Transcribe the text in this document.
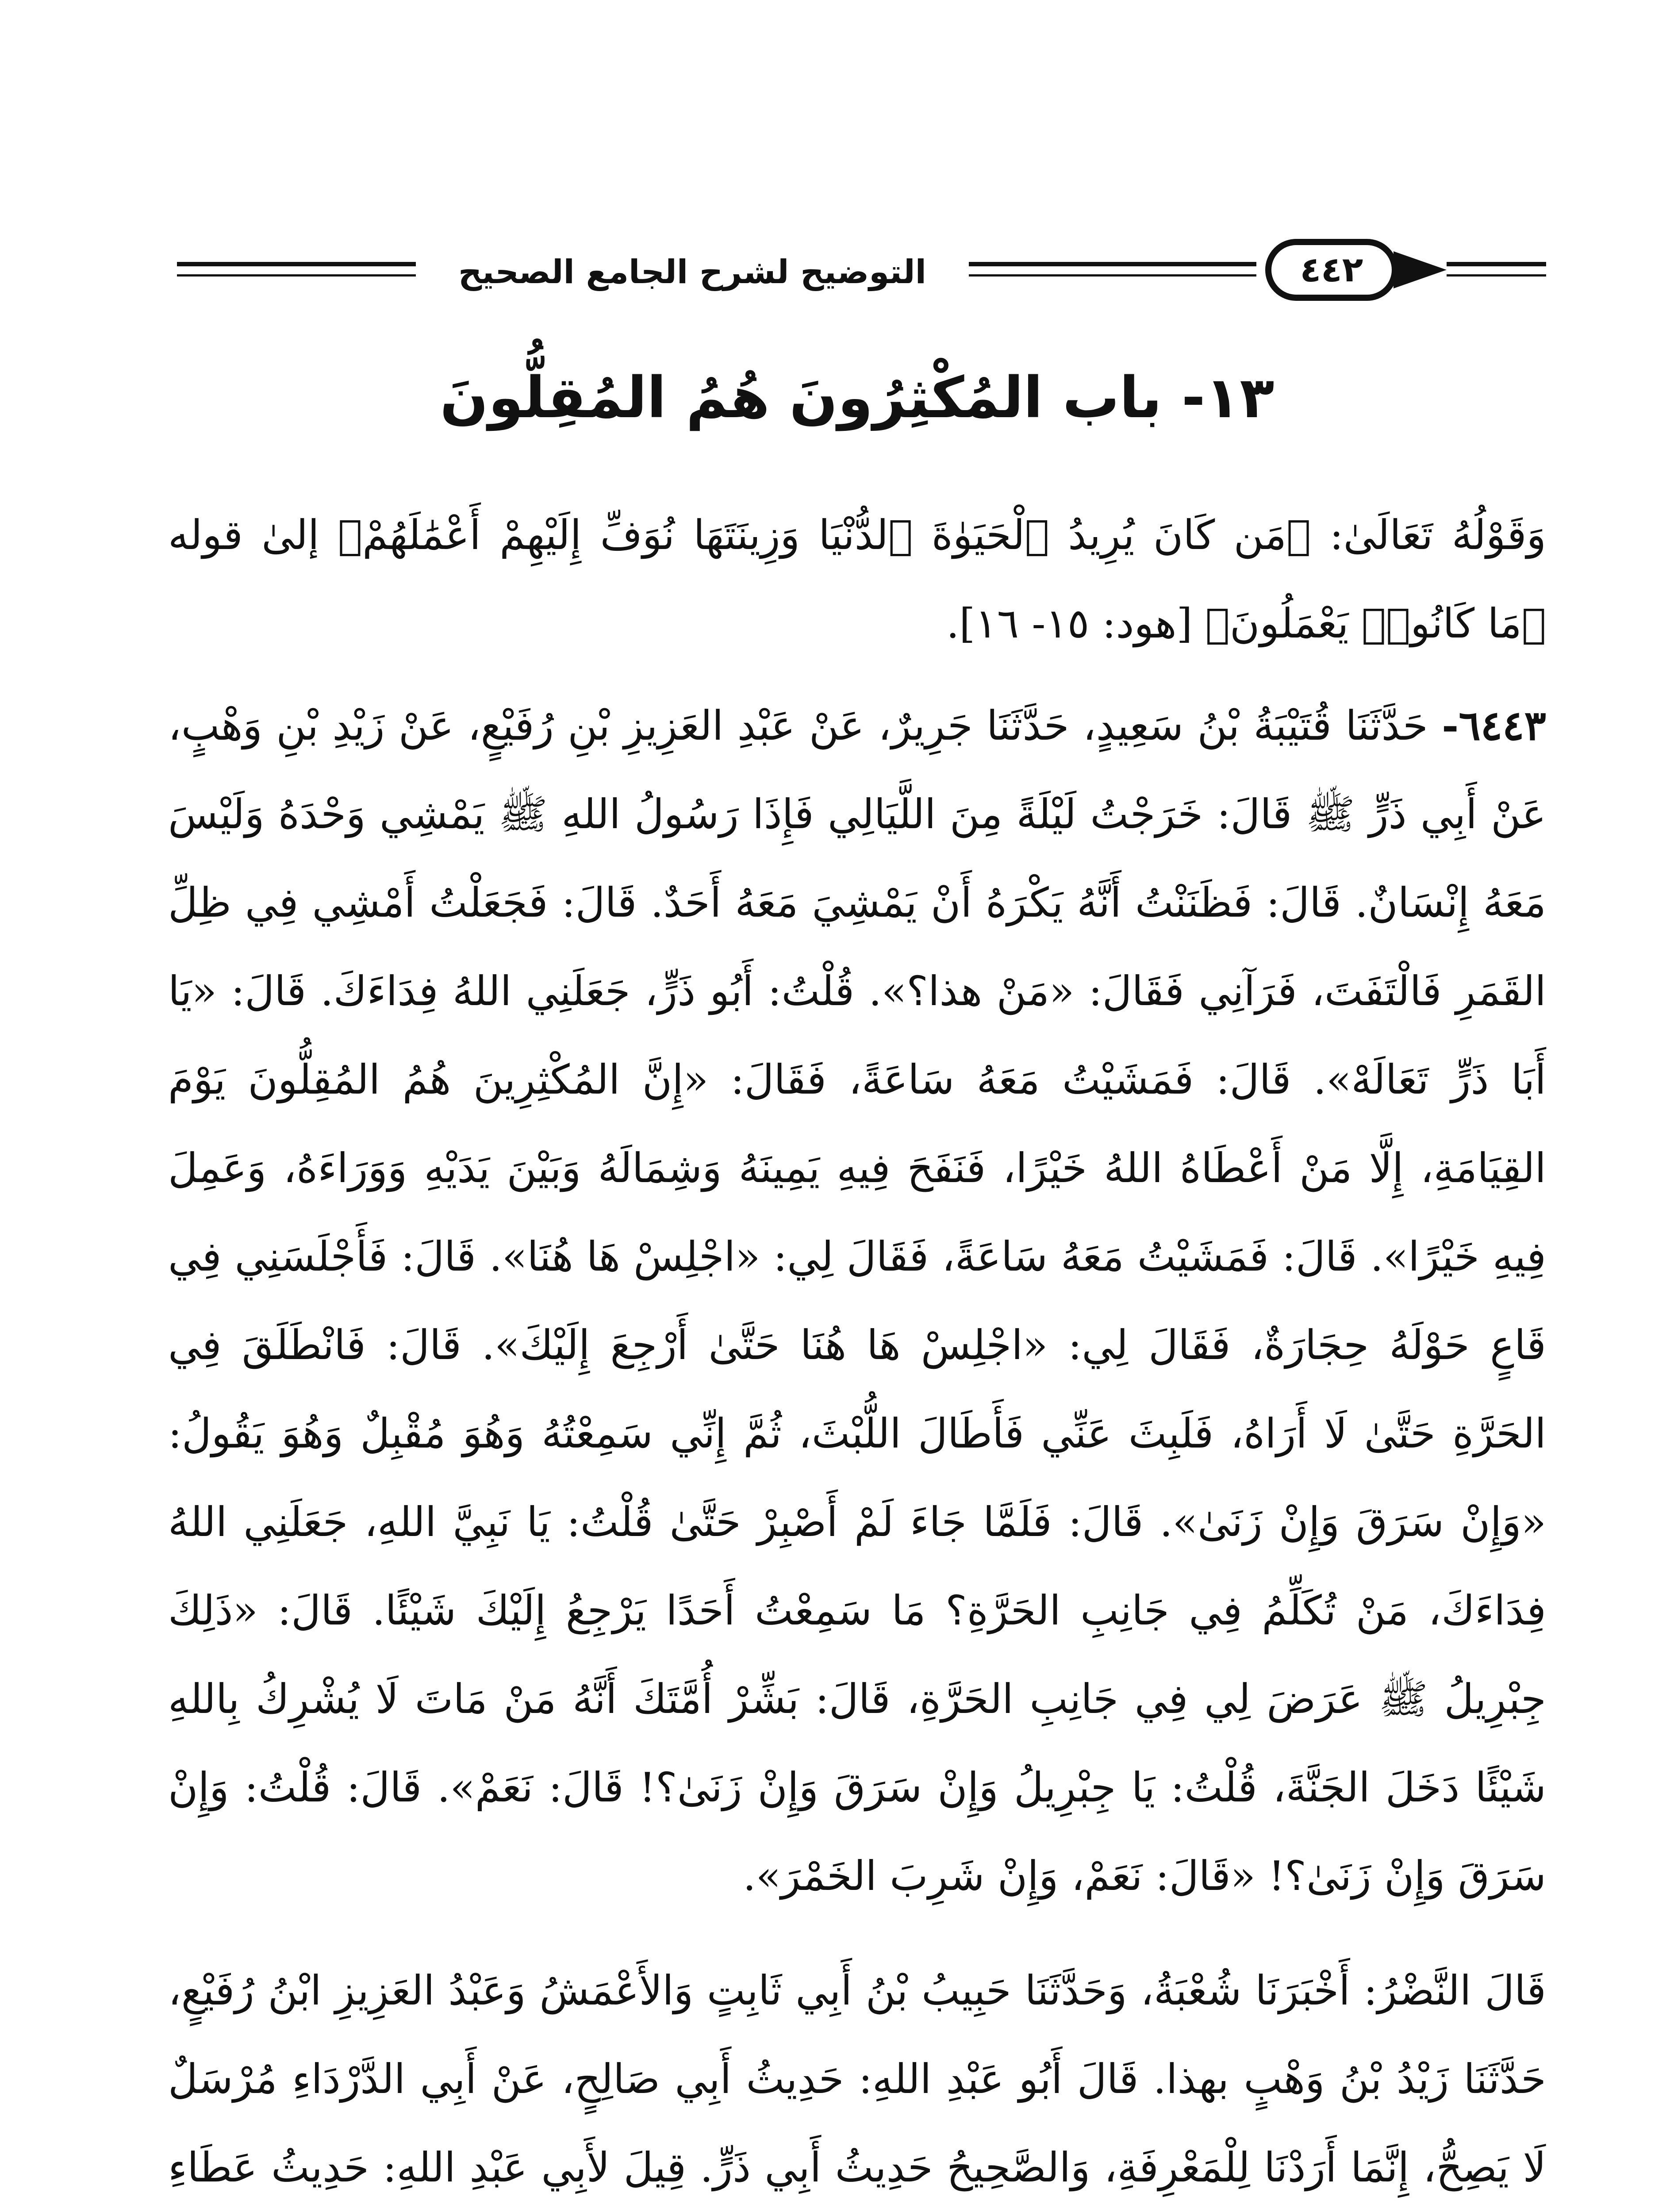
التوضيح لشرح الجامع الصحيح	٤٤٢
١٣- باب المُكْثِرُونَ هُمُ المُقِلُّونَ
وَقَوْلُهُ تَعَالَىٰ: ﴿مَن كَانَ يُرِيدُ ٱلْحَيَوٰةَ ٱلدُّنْيَا وَزِينَتَهَا نُوَفِّ إِلَيْهِمْ أَعْمَٰلَهُمْ﴾ إلىٰ قوله ﴿مَا كَانُوا۟ يَعْمَلُونَ﴾ [هود: ١٥- ١٦].
٦٤٤٣- حَدَّثَنَا قُتَيْبَةُ بْنُ سَعِيدٍ، حَدَّثَنَا جَرِيرٌ، عَنْ عَبْدِ العَزِيزِ بْنِ رُفَيْعٍ، عَنْ زَيْدِ بْنِ وَهْبٍ، عَنْ أَبِي ذَرٍّ ﷺ قَالَ: خَرَجْتُ لَيْلَةً مِنَ اللَّيَالِي فَإِذَا رَسُولُ اللهِ ﷺ يَمْشِي وَحْدَهُ وَلَيْسَ مَعَهُ إِنْسَانٌ. قَالَ: فَظَنَنْتُ أَنَّهُ يَكْرَهُ أَنْ يَمْشِيَ مَعَهُ أَحَدٌ. قَالَ: فَجَعَلْتُ أَمْشِي فِي ظِلِّ القَمَرِ فَالْتَفَتَ، فَرَآنِي فَقَالَ: «مَنْ هذا؟». قُلْتُ: أَبُو ذَرٍّ، جَعَلَنِي اللهُ فِدَاءَكَ. قَالَ: «يَا أَبَا ذَرٍّ تَعَالَهْ». قَالَ: فَمَشَيْتُ مَعَهُ سَاعَةً، فَقَالَ: «إِنَّ المُكْثِرِينَ هُمُ المُقِلُّونَ يَوْمَ القِيَامَةِ، إِلَّا مَنْ أَعْطَاهُ اللهُ خَيْرًا، فَنَفَحَ فِيهِ يَمِينَهُ وَشِمَالَهُ وَبَيْنَ يَدَيْهِ وَوَرَاءَهُ، وَعَمِلَ فِيهِ خَيْرًا». قَالَ: فَمَشَيْتُ مَعَهُ سَاعَةً، فَقَالَ لِي: «اجْلِسْ هَا هُنَا». قَالَ: فَأَجْلَسَنِي فِي قَاعٍ حَوْلَهُ حِجَارَةٌ، فَقَالَ لِي: «اجْلِسْ هَا هُنَا حَتَّىٰ أَرْجِعَ إِلَيْكَ». قَالَ: فَانْطَلَقَ فِي الحَرَّةِ حَتَّىٰ لَا أَرَاهُ، فَلَبِثَ عَنِّي فَأَطَالَ اللُّبْثَ، ثُمَّ إِنِّي سَمِعْتُهُ وَهُوَ مُقْبِلٌ وَهُوَ يَقُولُ: «وَإِنْ سَرَقَ وَإِنْ زَنَىٰ». قَالَ: فَلَمَّا جَاءَ لَمْ أَصْبِرْ حَتَّىٰ قُلْتُ: يَا نَبِيَّ اللهِ، جَعَلَنِي اللهُ فِدَاءَكَ، مَنْ تُكَلِّمُ فِي جَانِبِ الحَرَّةِ؟ مَا سَمِعْتُ أَحَدًا يَرْجِعُ إِلَيْكَ شَيْئًا. قَالَ: «ذَلِكَ جِبْرِيلُ ﷺ عَرَضَ لِي فِي جَانِبِ الحَرَّةِ، قَالَ: بَشِّرْ أُمَّتَكَ أَنَّهُ مَنْ مَاتَ لَا يُشْرِكُ بِاللهِ شَيْئًا دَخَلَ الجَنَّةَ، قُلْتُ: يَا جِبْرِيلُ وَإِنْ سَرَقَ وَإِنْ زَنَىٰ؟! قَالَ: نَعَمْ». قَالَ: قُلْتُ: وَإِنْ سَرَقَ وَإِنْ زَنَىٰ؟! «قَالَ: نَعَمْ، وَإِنْ شَرِبَ الخَمْرَ».
قَالَ النَّضْرُ: أَخْبَرَنَا شُعْبَةُ، وَحَدَّثَنَا حَبِيبُ بْنُ أَبِي ثَابِتٍ وَالأَعْمَشُ وَعَبْدُ العَزِيزِ ابْنُ رُفَيْعٍ، حَدَّثَنَا زَيْدُ بْنُ وَهْبٍ بهذا. قَالَ أَبُو عَبْدِ اللهِ: حَدِيثُ أَبِي صَالِحٍ، عَنْ أَبِي الدَّرْدَاءِ مُرْسَلٌ لَا يَصِحُّ، إِنَّمَا أَرَدْنَا لِلْمَعْرِفَةِ، وَالصَّحِيحُ حَدِيثُ أَبِي ذَرٍّ. قِيلَ لأَبِي عَبْدِ اللهِ: حَدِيثُ عَطَاءِ
